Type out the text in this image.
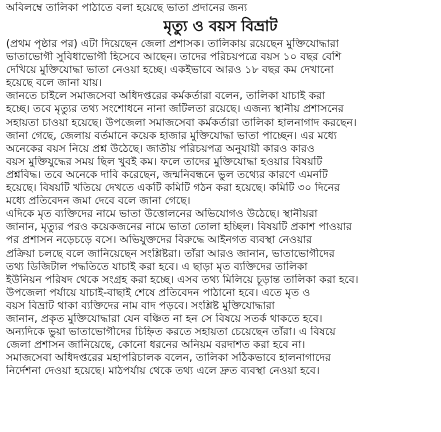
অবিলম্বে তালিকা পাঠাতে বলা হয়েছে ভাতা প্রদানের জন্য
মৃত্যু ও বয়স বিভ্রাট
(প্রথম পৃষ্ঠার পর) এটা দিয়েছেন জেলা প্রশাসক। তালিকায় রয়েছেন মুক্তিযোদ্ধারা
ভাতাভোগী সুবিধাভোগী হিসেবে আছেন। তাদের পরিচয়পত্রে বয়স ১০ বছর বেশি
দেখিয়ে মুক্তিযোদ্ধা ভাতা নেওয়া হচ্ছে। একইভাবে আরও ১৮ বছর কম দেখানো
হয়েছে বলে জানা যায়।
জানতে চাইলে সমাজসেবা অধিদপ্তরের কর্মকর্তারা বলেন, তালিকা যাচাই করা
হচ্ছে। তবে মৃত্যুর তথ্য সংশোধনে নানা জটিলতা রয়েছে। এজন্য স্থানীয় প্রশাসনের
সহায়তা চাওয়া হয়েছে। উপজেলা সমাজসেবা কর্মকর্তারা তালিকা হালনাগাদ করছেন।
জানা গেছে, জেলায় বর্তমানে কয়েক হাজার মুক্তিযোদ্ধা ভাতা পাচ্ছেন। এর মধ্যে
অনেকের বয়স নিয়ে প্রশ্ন উঠেছে। জাতীয় পরিচয়পত্র অনুযায়ী কারও কারও
বয়স মুক্তিযুদ্ধের সময় ছিল খুবই কম। ফলে তাদের মুক্তিযোদ্ধা হওয়ার বিষয়টি
প্রশ্নবিদ্ধ। তবে অনেকে দাবি করেছেন, জন্মনিবন্ধনে ভুল তথ্যের কারণে এমনটি
হয়েছে। বিষয়টি খতিয়ে দেখতে একটি কমিটি গঠন করা হয়েছে। কমিটি ৩০ দিনের
মধ্যে প্রতিবেদন জমা দেবে বলে জানা গেছে।
এদিকে মৃত ব্যক্তিদের নামে ভাতা উত্তোলনের অভিযোগও উঠেছে। স্থানীয়রা
জানান, মৃত্যুর পরও কয়েকজনের নামে ভাতা তোলা হচ্ছিল। বিষয়টি প্রকাশ পাওয়ার
পর প্রশাসন নড়েচড়ে বসে। অভিযুক্তদের বিরুদ্ধে আইনগত ব্যবস্থা নেওয়ার
প্রক্রিয়া চলছে বলে জানিয়েছেন সংশ্লিষ্টরা। তাঁরা আরও জানান, ভাতাভোগীদের
তথ্য ডিজিটাল পদ্ধতিতে যাচাই করা হবে। এ ছাড়া মৃত ব্যক্তিদের তালিকা
ইউনিয়ন পরিষদ থেকে সংগ্রহ করা হচ্ছে। এসব তথ্য মিলিয়ে চূড়ান্ত তালিকা করা হবে।
উপজেলা পর্যায়ে যাচাই-বাছাই শেষে প্রতিবেদন পাঠানো হবে। এতে মৃত ও
বয়স বিভ্রাট থাকা ব্যক্তিদের নাম বাদ পড়বে। সংশ্লিষ্ট মুক্তিযোদ্ধারা
জানান, প্রকৃত মুক্তিযোদ্ধারা যেন বঞ্চিত না হন সে বিষয়ে সতর্ক থাকতে হবে।
অন্যদিকে ভুয়া ভাতাভোগীদের চিহ্নিত করতে সহায়তা চেয়েছেন তাঁরা। এ বিষয়ে
জেলা প্রশাসন জানিয়েছে, কোনো ধরনের অনিয়ম বরদাশত করা হবে না।
সমাজসেবা অধিদপ্তরের মহাপরিচালক বলেন, তালিকা সঠিকভাবে হালনাগাদের
নির্দেশনা দেওয়া হয়েছে। মাঠপর্যায় থেকে তথ্য এলে দ্রুত ব্যবস্থা নেওয়া হবে।
